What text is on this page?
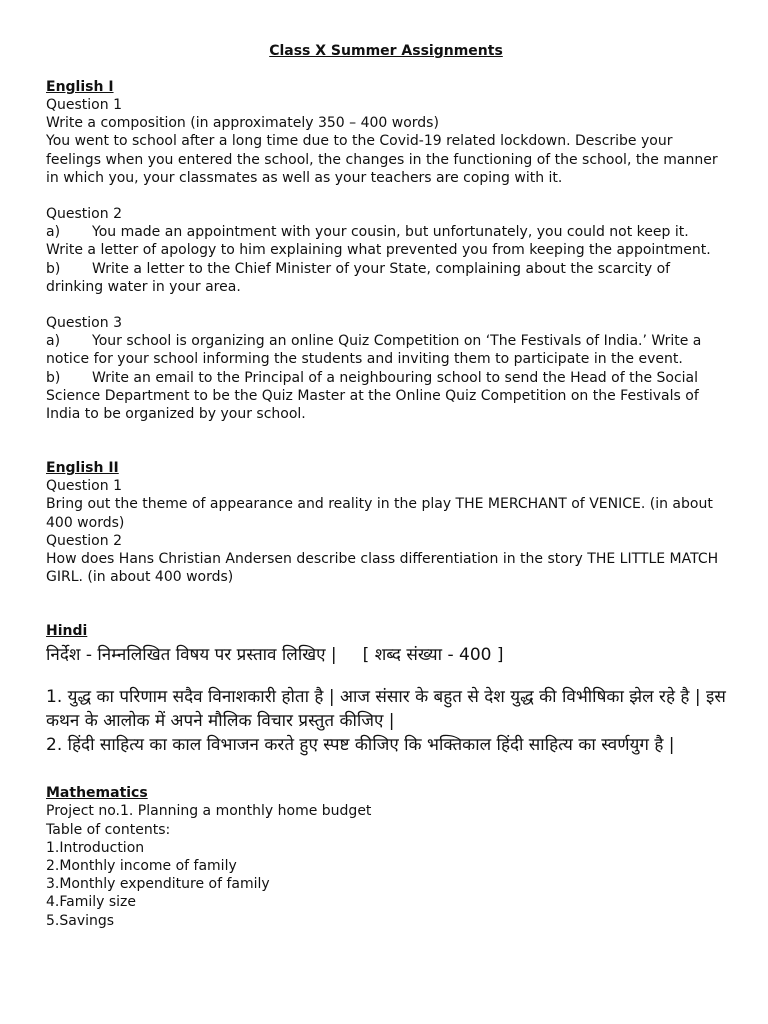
Class X Summer Assignments
English I
Question 1
Write a composition (in approximately 350 – 400 words)
You went to school after a long time due to the Covid-19 related lockdown. Describe your feelings when you entered the school, the changes in the functioning of the school, the manner in which you, your classmates as well as your teachers are coping with it.
Question 2
a) You made an appointment with your cousin, but unfortunately, you could not keep it. Write a letter of apology to him explaining what prevented you from keeping the appointment.
b) Write a letter to the Chief Minister of your State, complaining about the scarcity of drinking water in your area.
Question 3
a) Your school is organizing an online Quiz Competition on ‘The Festivals of India.’ Write a notice for your school informing the students and inviting them to participate in the event.
b) Write an email to the Principal of a neighbouring school to send the Head of the Social Science Department to be the Quiz Master at the Online Quiz Competition on the Festivals of India to be organized by your school.
English II
Question 1
Bring out the theme of appearance and reality in the play THE MERCHANT of VENICE. (in about 400 words)
Question 2
How does Hans Christian Andersen describe class differentiation in the story THE LITTLE MATCH GIRL. (in about 400 words)
Hindi
निर्देश - निम्नलिखित विषय पर प्रस्ताव लिखिए | [ शब्द संख्या - 400 ]
1. युद्ध का परिणाम सदैव विनाशकारी होता है | आज संसार के बहुत से देश युद्ध की विभीषिका झेल रहे है | इस कथन के आलोक में अपने मौलिक विचार प्रस्तुत कीजिए |
2. हिंदी साहित्य का काल विभाजन करते हुए स्पष्ट कीजिए कि भक्तिकाल हिंदी साहित्य का स्वर्णयुग है |
Mathematics
Project no.1. Planning a monthly home budget
Table of contents:
1.Introduction
2.Monthly income of family
3.Monthly expenditure of family
4.Family size
5.Savings
